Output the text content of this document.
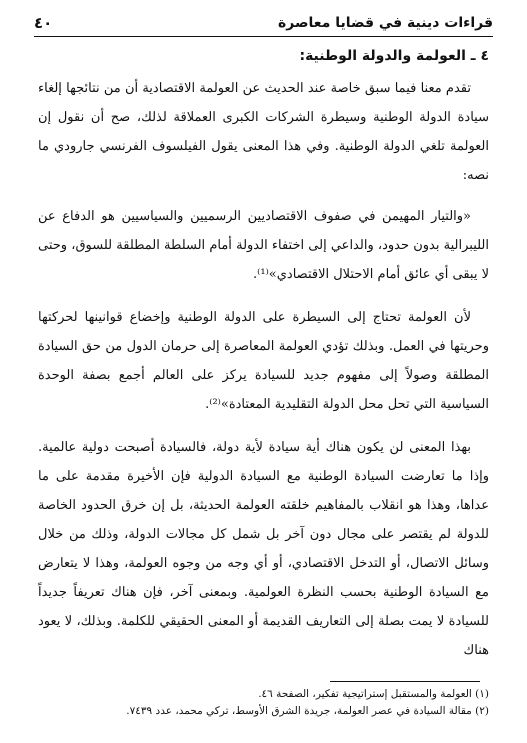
قراءات دينية في قضايا معاصرة
٤٠
٤ ـ العولمة والدولة الوطنية:

تقدم معنا فيما سبق خاصة عند الحديث عن العولمة الاقتصادية أن من نتائجها إلغاء سيادة الدولة الوطنية وسيطرة الشركات الكبرى العملاقة لذلك، صح أن نقول إن العولمة تلغي الدولة الوطنية. وفي هذا المعنى يقول الفيلسوف الفرنسي جارودي ما نصه:

«والتيار المهيمن في صفوف الاقتصاديين الرسميين والسياسيين هو الدفاع عن الليبرالية بدون حدود، والداعي إلى اختفاء الدولة أمام السلطة المطلقة للسوق، وحتى لا يبقى أي عائق أمام الاحتلال الاقتصادي»⁽¹⁾.

لأن العولمة تحتاج إلى السيطرة على الدولة الوطنية وإخضاع قوانينها لحركتها وحريتها في العمل. وبذلك تؤدي العولمة المعاصرة إلى حرمان الدول من حق السيادة المطلقة وصولاً إلى مفهوم جديد للسيادة يركز على العالم أجمع بصفة الوحدة السياسية التي تحل محل الدولة التقليدية المعتادة»⁽²⁾.

بهذا المعنى لن يكون هناك أية سيادة لأية دولة، فالسيادة أصبحت دولية عالمية. وإذا ما تعارضت السيادة الوطنية مع السيادة الدولية فإن الأخيرة مقدمة على ما عداها، وهذا هو انقلاب بالمفاهيم خلقته العولمة الحديثة، بل إن خرق الحدود الخاصة للدولة لم يقتصر على مجال دون آخر بل شمل كل مجالات الدولة، وذلك من خلال وسائل الاتصال، أو التدخل الاقتصادي، أو أي وجه من وجوه العولمة، وهذا لا يتعارض مع السيادة الوطنية بحسب النظرة العولمية. وبمعنى آخر، فإن هناك تعريفاً جديداً للسيادة لا يمت بصلة إلى التعاريف القديمة أو المعنى الحقيقي للكلمة. وبذلك، لا يعود هناك

(١) العولمة والمستقبل إستراتيجية تفكير، الصفحة ٤٦.
(٢) مقالة السيادة في عصر العولمة، جريدة الشرق الأوسط، تركي محمد، عدد ٧٤٣٩.
